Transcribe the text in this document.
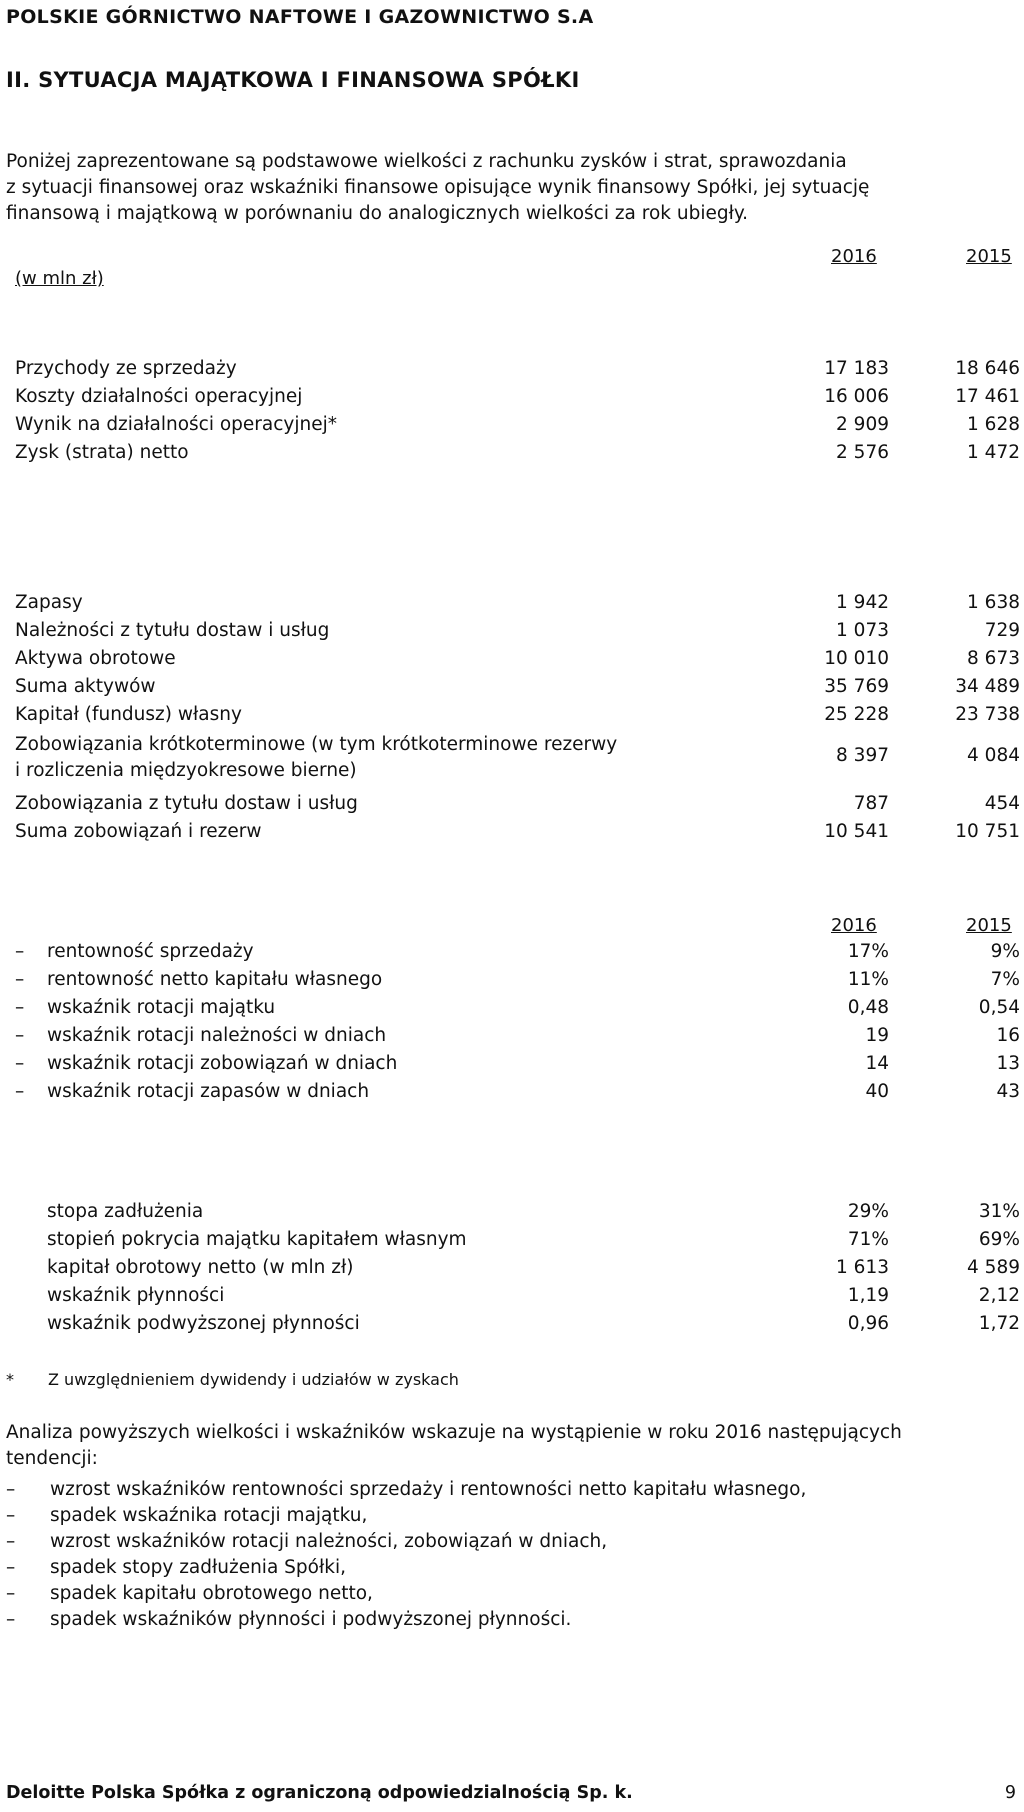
POLSKIE GÓRNICTWO NAFTOWE I GAZOWNICTWO S.A
II. SYTUACJA MAJĄTKOWA I FINANSOWA SPÓŁKI
Poniżej zaprezentowane są podstawowe wielkości z rachunku zysków i strat, sprawozdania
z sytuacji finansowej oraz wskaźniki finansowe opisujące wynik finansowy Spółki, jej sytuację
finansową i majątkową w porównaniu do analogicznych wielkości za rok ubiegły.
(w mln zł)
2016	2015
Przychody ze sprzedaży	17 183	18 646
Koszty działalności operacyjnej	16 006	17 461
Wynik na działalności operacyjnej*	2 909	1 628
Zysk (strata) netto	2 576	1 472
Zapasy	1 942	1 638
Należności z tytułu dostaw i usług	1 073	729
Aktywa obrotowe	10 010	8 673
Suma aktywów	35 769	34 489
Kapitał (fundusz) własny	25 228	23 738
Zobowiązania krótkoterminowe (w tym krótkoterminowe rezerwy
i rozliczenia międzyokresowe bierne)
8 397	4 084
Zobowiązania z tytułu dostaw i usług	787	454
Suma zobowiązań i rezerw	10 541	10 751
2016	2015
– rentowność sprzedaży	17%	9%
– rentowność netto kapitału własnego	11%	7%
– wskaźnik rotacji majątku	0,48	0,54
– wskaźnik rotacji należności w dniach	19	16
– wskaźnik rotacji zobowiązań w dniach	14	13
– wskaźnik rotacji zapasów w dniach	40	43
stopa zadłużenia	29%	31%
stopień pokrycia majątku kapitałem własnym	71%	69%
kapitał obrotowy netto (w mln zł)	1 613	4 589
wskaźnik płynności	1,19	2,12
wskaźnik podwyższonej płynności	0,96	1,72
* Z uwzględnieniem dywidendy i udziałów w zyskach
Analiza powyższych wielkości i wskaźników wskazuje na wystąpienie w roku 2016 następujących
tendencji:
– wzrost wskaźników rentowności sprzedaży i rentowności netto kapitału własnego,
– spadek wskaźnika rotacji majątku,
– wzrost wskaźników rotacji należności, zobowiązań w dniach,
– spadek stopy zadłużenia Spółki,
– spadek kapitału obrotowego netto,
– spadek wskaźników płynności i podwyższonej płynności.
Deloitte Polska Spółka z ograniczoną odpowiedzialnością Sp. k.	9
